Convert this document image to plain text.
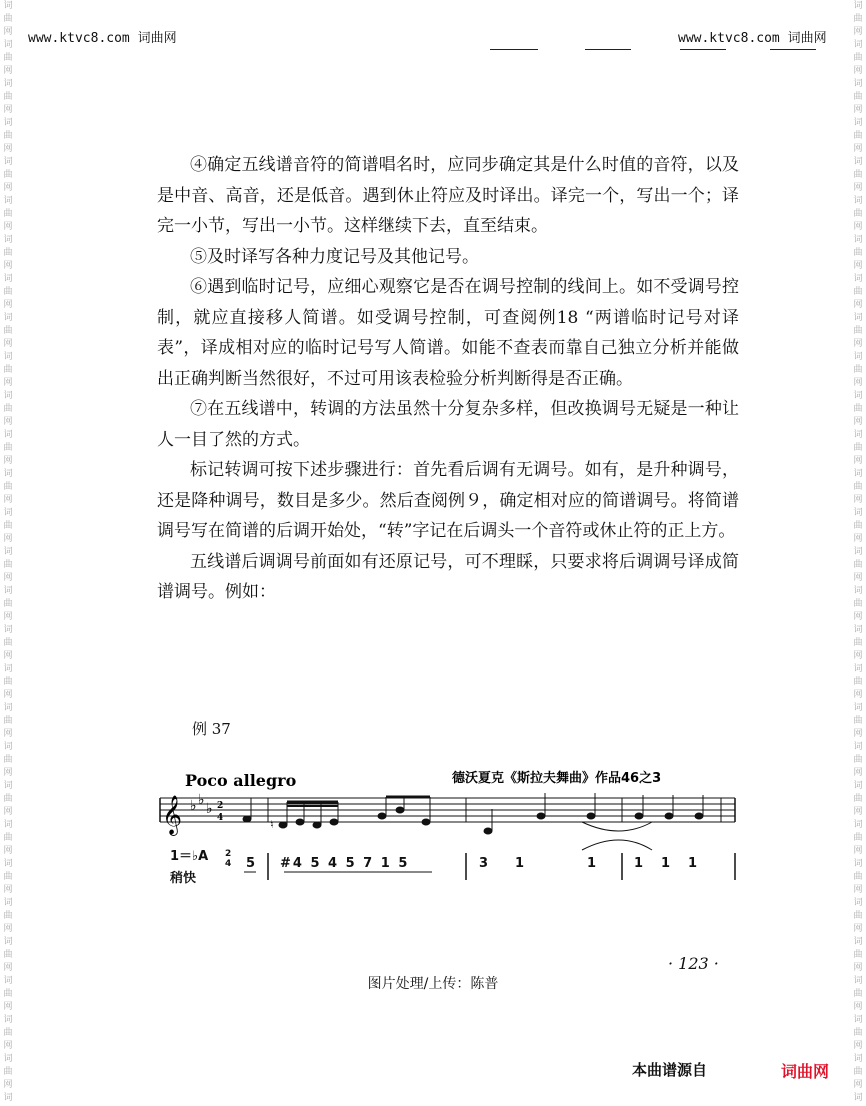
词
曲
网
词
曲
网
词
曲
网
词
曲
网
词
曲
网
词
曲
网
词
曲
网
词
曲
网
词
曲
网
词
曲
网
词
曲
网
词
曲
网
词
曲
网
词
曲
网
词
曲
网
词
曲
网
词
曲
网
词
曲
网
词
曲
网
词
曲
网
词
曲
网
词
曲
网
词
曲
网
词
曲
网
词
曲
网
词
曲
网
词
曲
网
词
曲
网
词
词
曲
网
词
曲
网
词
曲
网
词
曲
网
词
曲
网
词
曲
网
词
曲
网
词
曲
网
词
曲
网
词
曲
网
词
曲
网
词
曲
网
词
曲
网
词
曲
网
词
曲
网
词
曲
网
词
曲
网
词
曲
网
词
曲
网
词
曲
网
词
曲
网
词
曲
网
词
曲
网
词
曲
网
词
曲
网
词
曲
网
词
曲
网
词
曲
网
词
www.ktvc8.com 词曲网	www.ktvc8.com 词曲网

④确定五线谱音符的简谱唱名时，应同步确定其是什么时值的音符，以及是中音、高音，还是低音。遇到休止符应及时译出。译完一个，写出一个；译完一小节，写出一小节。这样继续下去，直至结束。

⑤及时译写各种力度记号及其他记号。

⑥遇到临时记号，应细心观察它是否在调号控制的线间上。如不受调号控制，就应直接移人简谱。如受调号控制，可查阅例18 “两谱临时记号对译表”，译成相对应的临时记号写人简谱。如能不查表而靠自己独立分析并能做出正确判断当然很好，不过可用该表检验分析判断得是否正确。

⑦在五线谱中，转调的方法虽然十分复杂多样，但改换调号无疑是一种让人一目了然的方式。

标记转调可按下述步骤进行：首先看后调有无调号。如有，是升种调号，还是降种调号，数目是多少。然后查阅例９，确定相对应的简谱调号。将简谱调号写在简谱的后调开始处，“转”字记在后调头一个音符或休止符的正上方。

五线谱后调调号前面如有还原记号，可不理睬，只要求将后调调号译成简谱调号。例如：

例 37
Poco allegro	德沃夏克《斯拉夫舞曲》作品46之3
𝄞 ♭ ♭
♭ 2
4	♮
1＝♭A 2
4
稍快
5 #4 5 4 5 7 1 5	3 1	1	1 1 1
· 123 ·
图片处理/上传：陈普
本曲谱源自	词曲网
